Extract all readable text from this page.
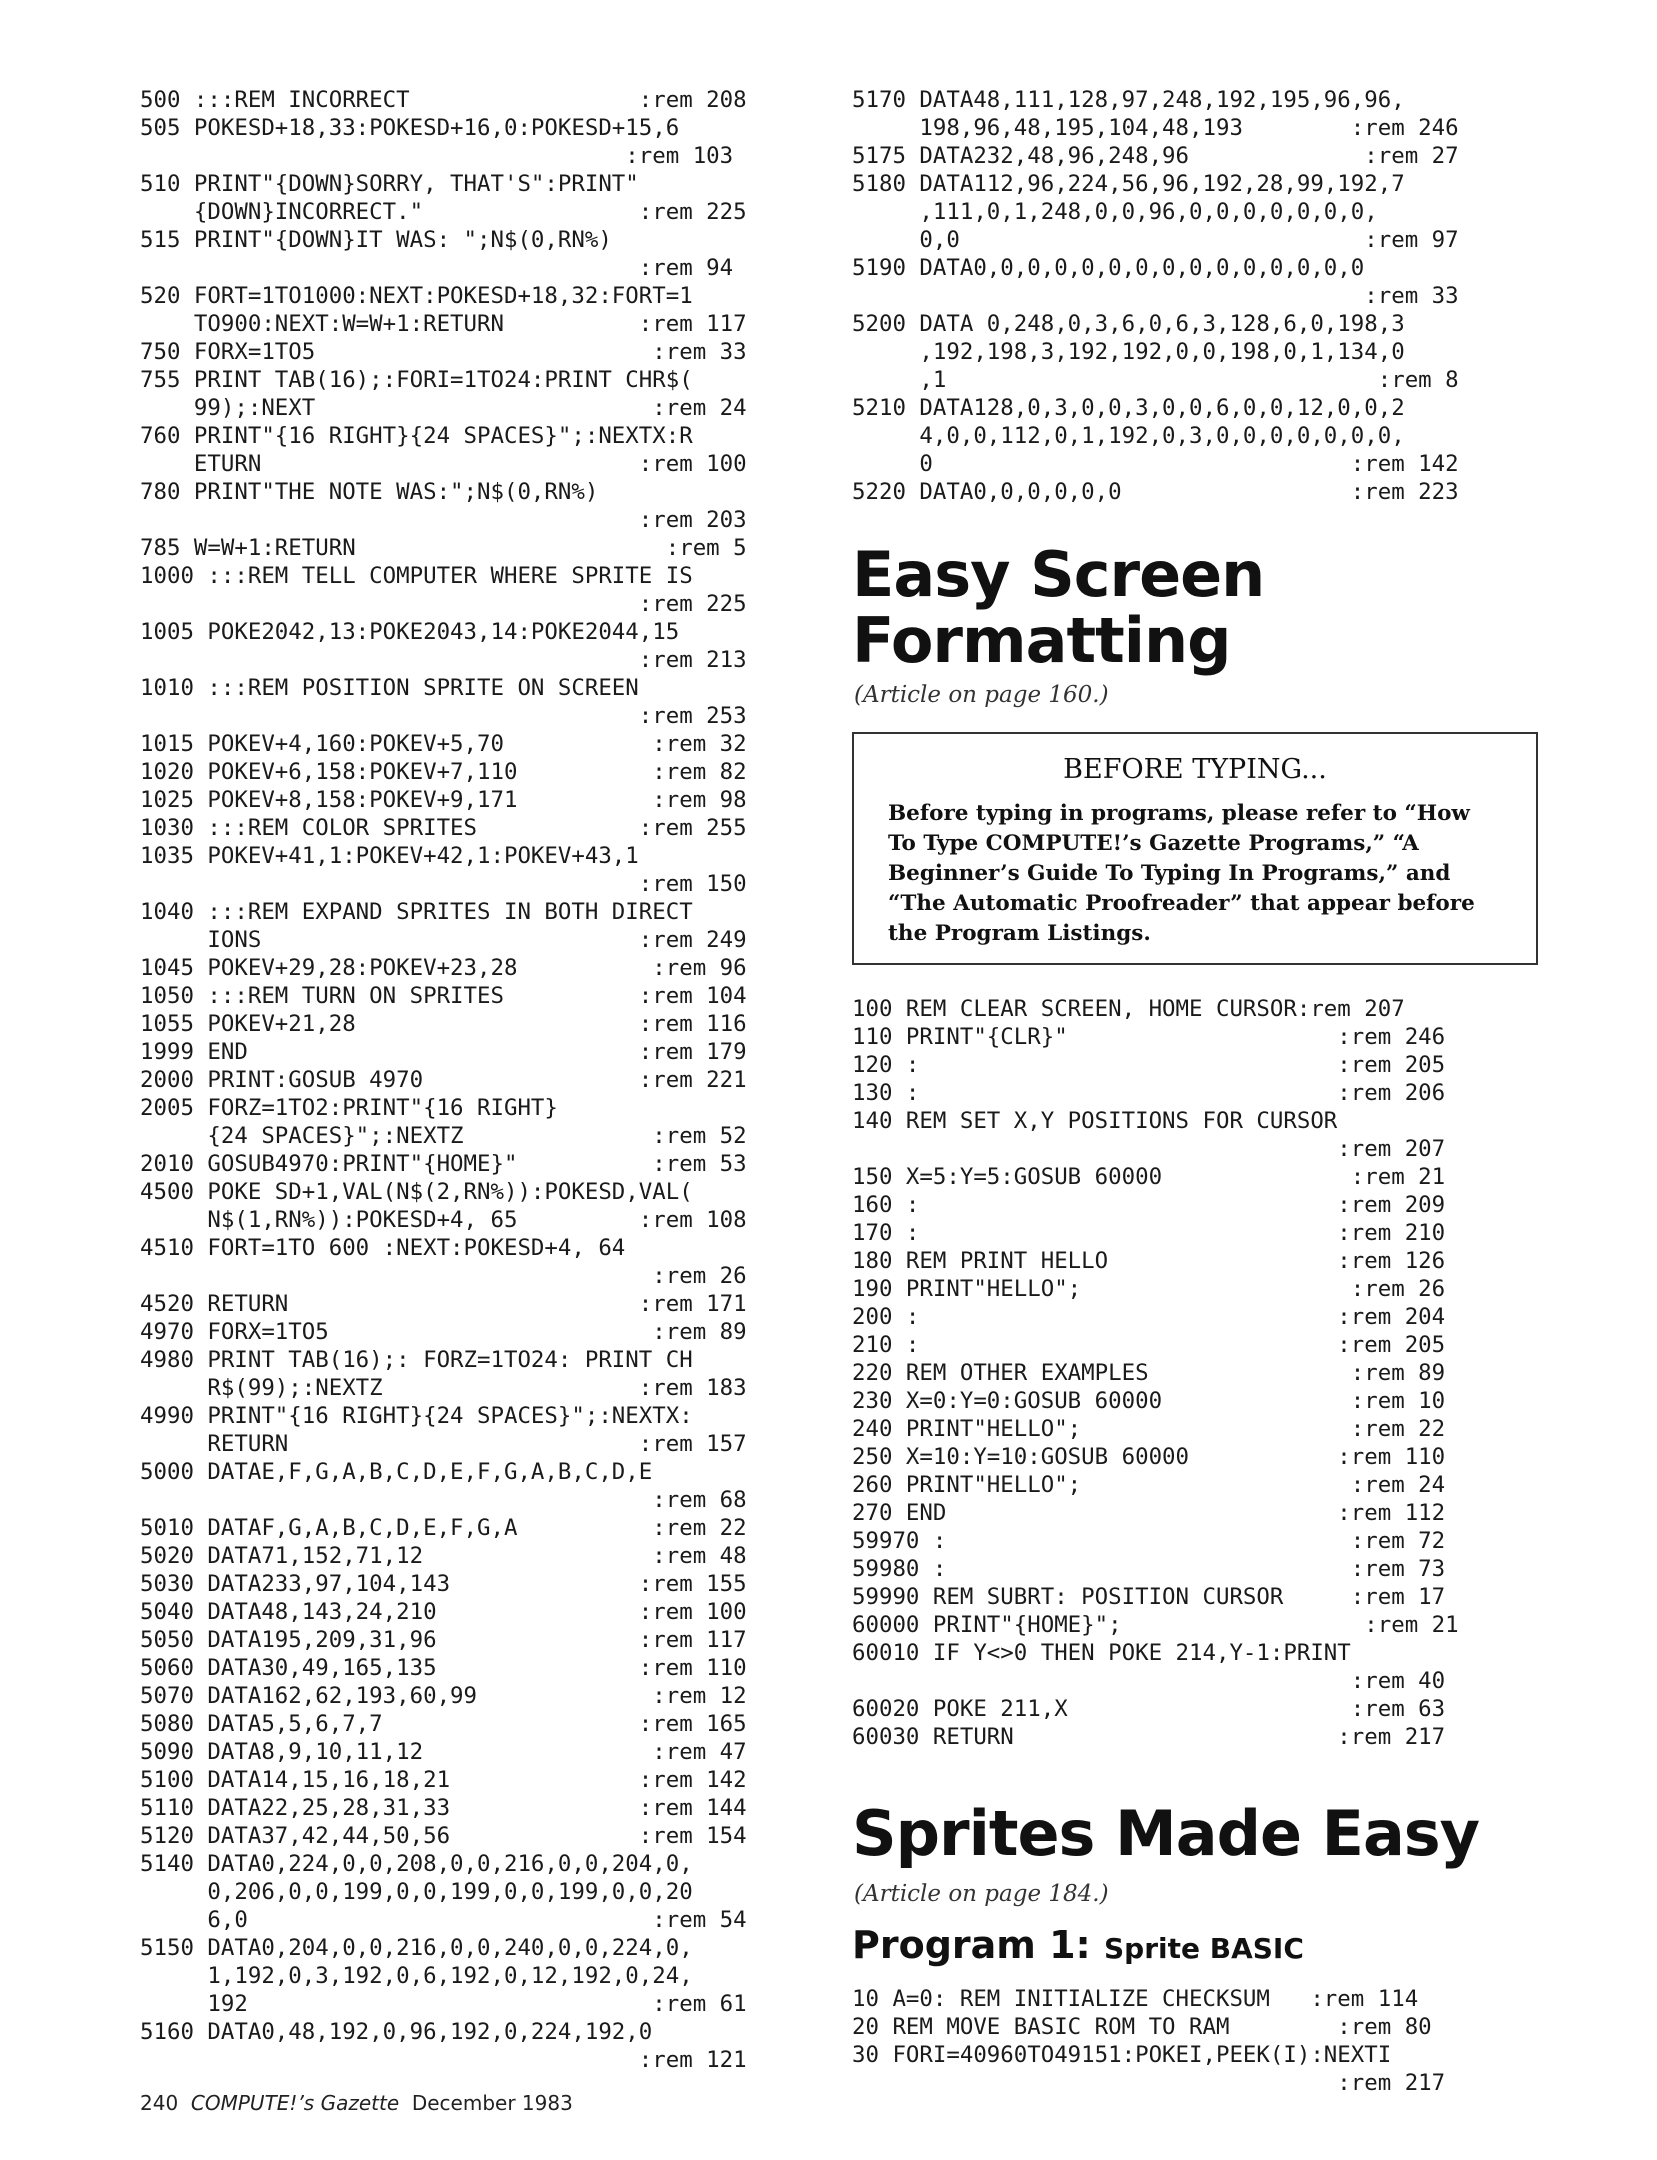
500 :::REM INCORRECT                 :rem 208
505 POKESD+18,33:POKESD+16,0:POKESD+15,6
:rem 103
510 PRINT"{DOWN}SORRY, THAT'S":PRINT"
{DOWN}INCORRECT."                :rem 225
515 PRINT"{DOWN}IT WAS: ";N$(0,RN%)
:rem 94
520 FORT=1TO1000:NEXT:POKESD+18,32:FORT=1
TO900:NEXT:W=W+1:RETURN          :rem 117
750 FORX=1TO5                         :rem 33
755 PRINT TAB(16);:FORI=1TO24:PRINT CHR$(
99);:NEXT                         :rem 24
760 PRINT"{16 RIGHT}{24 SPACES}";:NEXTX:R
ETURN                            :rem 100
780 PRINT"THE NOTE WAS:";N$(0,RN%)
:rem 203
785 W=W+1:RETURN                       :rem 5
1000 :::REM TELL COMPUTER WHERE SPRITE IS
:rem 225
1005 POKE2042,13:POKE2043,14:POKE2044,15
:rem 213
1010 :::REM POSITION SPRITE ON SCREEN
:rem 253
1015 POKEV+4,160:POKEV+5,70           :rem 32
1020 POKEV+6,158:POKEV+7,110          :rem 82
1025 POKEV+8,158:POKEV+9,171          :rem 98
1030 :::REM COLOR SPRITES            :rem 255
1035 POKEV+41,1:POKEV+42,1:POKEV+43,1
:rem 150
1040 :::REM EXPAND SPRITES IN BOTH DIRECT
IONS                            :rem 249
1045 POKEV+29,28:POKEV+23,28          :rem 96
1050 :::REM TURN ON SPRITES          :rem 104
1055 POKEV+21,28                     :rem 116
1999 END                             :rem 179
2000 PRINT:GOSUB 4970                :rem 221
2005 FORZ=1TO2:PRINT"{16 RIGHT}
{24 SPACES}";:NEXTZ              :rem 52
2010 GOSUB4970:PRINT"{HOME}"          :rem 53
4500 POKE SD+1,VAL(N$(2,RN%)):POKESD,VAL(
N$(1,RN%)):POKESD+4, 65         :rem 108
4510 FORT=1TO 600 :NEXT:POKESD+4, 64
:rem 26
4520 RETURN                          :rem 171
4970 FORX=1TO5                        :rem 89
4980 PRINT TAB(16);: FORZ=1TO24: PRINT CH
R$(99);:NEXTZ                   :rem 183
4990 PRINT"{16 RIGHT}{24 SPACES}";:NEXTX:
RETURN                          :rem 157
5000 DATAE,F,G,A,B,C,D,E,F,G,A,B,C,D,E
:rem 68
5010 DATAF,G,A,B,C,D,E,F,G,A          :rem 22
5020 DATA71,152,71,12                 :rem 48
5030 DATA233,97,104,143              :rem 155
5040 DATA48,143,24,210               :rem 100
5050 DATA195,209,31,96               :rem 117
5060 DATA30,49,165,135               :rem 110
5070 DATA162,62,193,60,99             :rem 12
5080 DATA5,5,6,7,7                   :rem 165
5090 DATA8,9,10,11,12                 :rem 47
5100 DATA14,15,16,18,21              :rem 142
5110 DATA22,25,28,31,33              :rem 144
5120 DATA37,42,44,50,56              :rem 154
5140 DATA0,224,0,0,208,0,0,216,0,0,204,0,
0,206,0,0,199,0,0,199,0,0,199,0,0,20
6,0                              :rem 54
5150 DATA0,204,0,0,216,0,0,240,0,0,224,0,
1,192,0,3,192,0,6,192,0,12,192,0,24,
192                              :rem 61
5160 DATA0,48,192,0,96,192,0,224,192,0
:rem 121
5170 DATA48,111,128,97,248,192,195,96,96,
198,96,48,195,104,48,193        :rem 246
5175 DATA232,48,96,248,96             :rem 27
5180 DATA112,96,224,56,96,192,28,99,192,7
,111,0,1,248,0,0,96,0,0,0,0,0,0,0,
0,0                              :rem 97
5190 DATA0,0,0,0,0,0,0,0,0,0,0,0,0,0,0
:rem 33
5200 DATA 0,248,0,3,6,0,6,3,128,6,0,198,3
,192,198,3,192,192,0,0,198,0,1,134,0
,1                                :rem 8
5210 DATA128,0,3,0,0,3,0,0,6,0,0,12,0,0,2
4,0,0,112,0,1,192,0,3,0,0,0,0,0,0,0,
0                               :rem 142
5220 DATA0,0,0,0,0,0                 :rem 223
Easy Screen Formatting
(Article on page 160.)
BEFORE TYPING...

Before typing in programs, please refer to “How To Type COMPUTE!’s Gazette Programs,” “A Beginner’s Guide To Typing In Programs,” and “The Automatic Proofreader” that appear before the Program Listings.

100 REM CLEAR SCREEN, HOME CURSOR:rem 207
110 PRINT"{CLR}"                    :rem 246
120 :                               :rem 205
130 :                               :rem 206
140 REM SET X,Y POSITIONS FOR CURSOR
:rem 207
150 X=5:Y=5:GOSUB 60000              :rem 21
160 :                               :rem 209
170 :                               :rem 210
180 REM PRINT HELLO                 :rem 126
190 PRINT"HELLO";                    :rem 26
200 :                               :rem 204
210 :                               :rem 205
220 REM OTHER EXAMPLES               :rem 89
230 X=0:Y=0:GOSUB 60000              :rem 10
240 PRINT"HELLO";                    :rem 22
250 X=10:Y=10:GOSUB 60000           :rem 110
260 PRINT"HELLO";                    :rem 24
270 END                             :rem 112
59970 :                              :rem 72
59980 :                              :rem 73
59990 REM SUBRT: POSITION CURSOR     :rem 17
60000 PRINT"{HOME}";                  :rem 21
60010 IF Y<>0 THEN POKE 214,Y-1:PRINT
:rem 40
60020 POKE 211,X                     :rem 63
60030 RETURN                        :rem 217
Sprites Made Easy
(Article on page 184.)
Program 1: Sprite BASIC
10 A=0: REM INITIALIZE CHECKSUM   :rem 114
20 REM MOVE BASIC ROM TO RAM        :rem 80
30 FORI=40960TO49151:POKEI,PEEK(I):NEXTI
:rem 217
240 COMPUTE!’s Gazette December 1983
